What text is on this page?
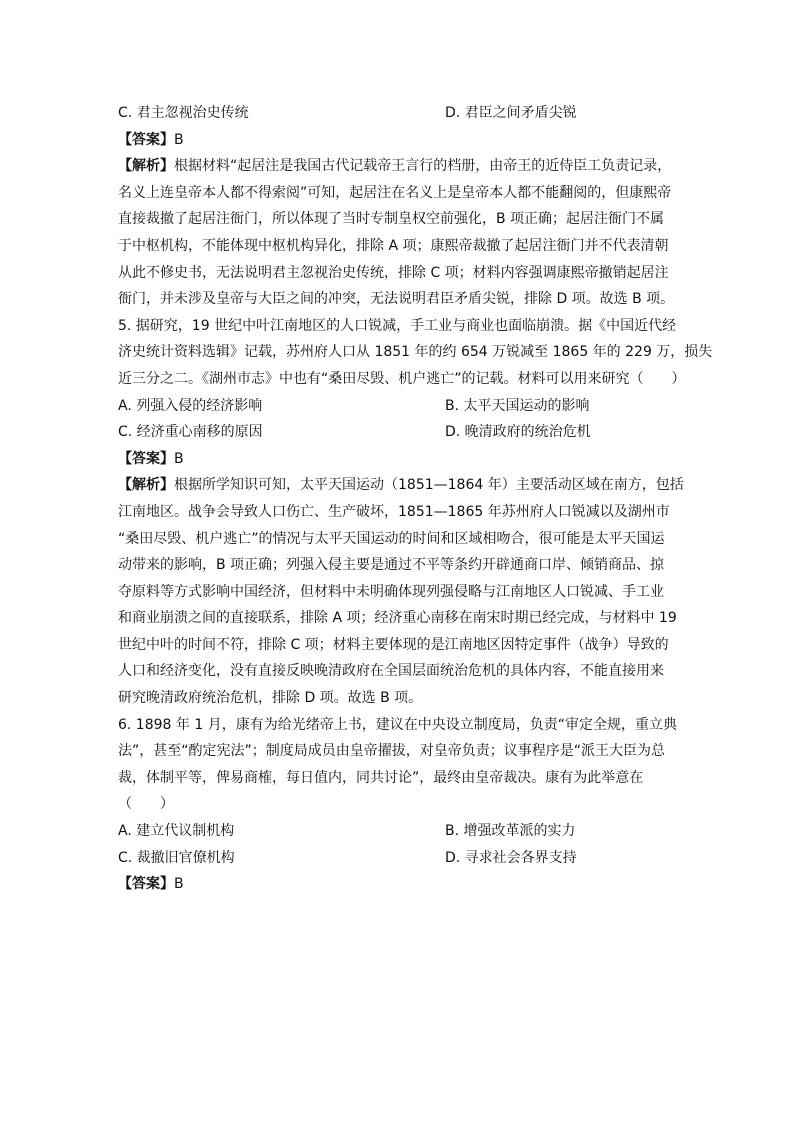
C. 君主忽视治史传统	D. 君臣之间矛盾尖锐

【答案】B

【解析】根据材料“起居注是我国古代记载帝王言行的档册，由帝王的近侍臣工负责记录，

名义上连皇帝本人都不得索阅”可知，起居注在名义上是皇帝本人都不能翻阅的，但康熙帝

直接裁撤了起居注衙门，所以体现了当时专制皇权空前强化，B 项正确；起居注衙门不属

于中枢机构，不能体现中枢机构异化，排除 A 项；康熙帝裁撤了起居注衙门并不代表清朝

从此不修史书，无法说明君主忽视治史传统，排除 C 项；材料内容强调康熙帝撤销起居注

衙门，并未涉及皇帝与大臣之间的冲突，无法说明君臣矛盾尖锐，排除 D 项。故选 B 项。

5. 据研究，19 世纪中叶江南地区的人口锐减，手工业与商业也面临崩溃。据《中国近代经

济史统计资料选辑》记载，苏州府人口从 1851 年的约 654 万锐减至 1865 年的 229 万，损失

近三分之二。《湖州市志》中也有“桑田尽毁、机户逃亡”的记载。材料可以用来研究（　　）

A. 列强入侵的经济影响	B. 太平天国运动的影响
C. 经济重心南移的原因	D. 晚清政府的统治危机

【答案】B

【解析】根据所学知识可知，太平天国运动（1851—1864 年）主要活动区域在南方，包括

江南地区。战争会导致人口伤亡、生产破坏，1851—1865 年苏州府人口锐减以及湖州市

“桑田尽毁、机户逃亡”的情况与太平天国运动的时间和区域相吻合，很可能是太平天国运

动带来的影响，B 项正确；列强入侵主要是通过不平等条约开辟通商口岸、倾销商品、掠

夺原料等方式影响中国经济，但材料中未明确体现列强侵略与江南地区人口锐减、手工业

和商业崩溃之间的直接联系，排除 A 项；经济重心南移在南宋时期已经完成，与材料中 19

世纪中叶的时间不符，排除 C 项；材料主要体现的是江南地区因特定事件（战争）导致的

人口和经济变化，没有直接反映晚清政府在全国层面统治危机的具体内容，不能直接用来

研究晚清政府统治危机，排除 D 项。故选 B 项。

6. 1898 年 1 月，康有为给光绪帝上书，建议在中央设立制度局，负责“审定全规，重立典

法”，甚至“酌定宪法”；制度局成员由皇帝擢拔，对皇帝负责；议事程序是“派王大臣为总

裁，体制平等，俾易商榷，每日值内，同共讨论”，最终由皇帝裁决。康有为此举意在

（　　）

A. 建立代议制机构	B. 增强改革派的实力
C. 裁撤旧官僚机构	D. 寻求社会各界支持

【答案】B
